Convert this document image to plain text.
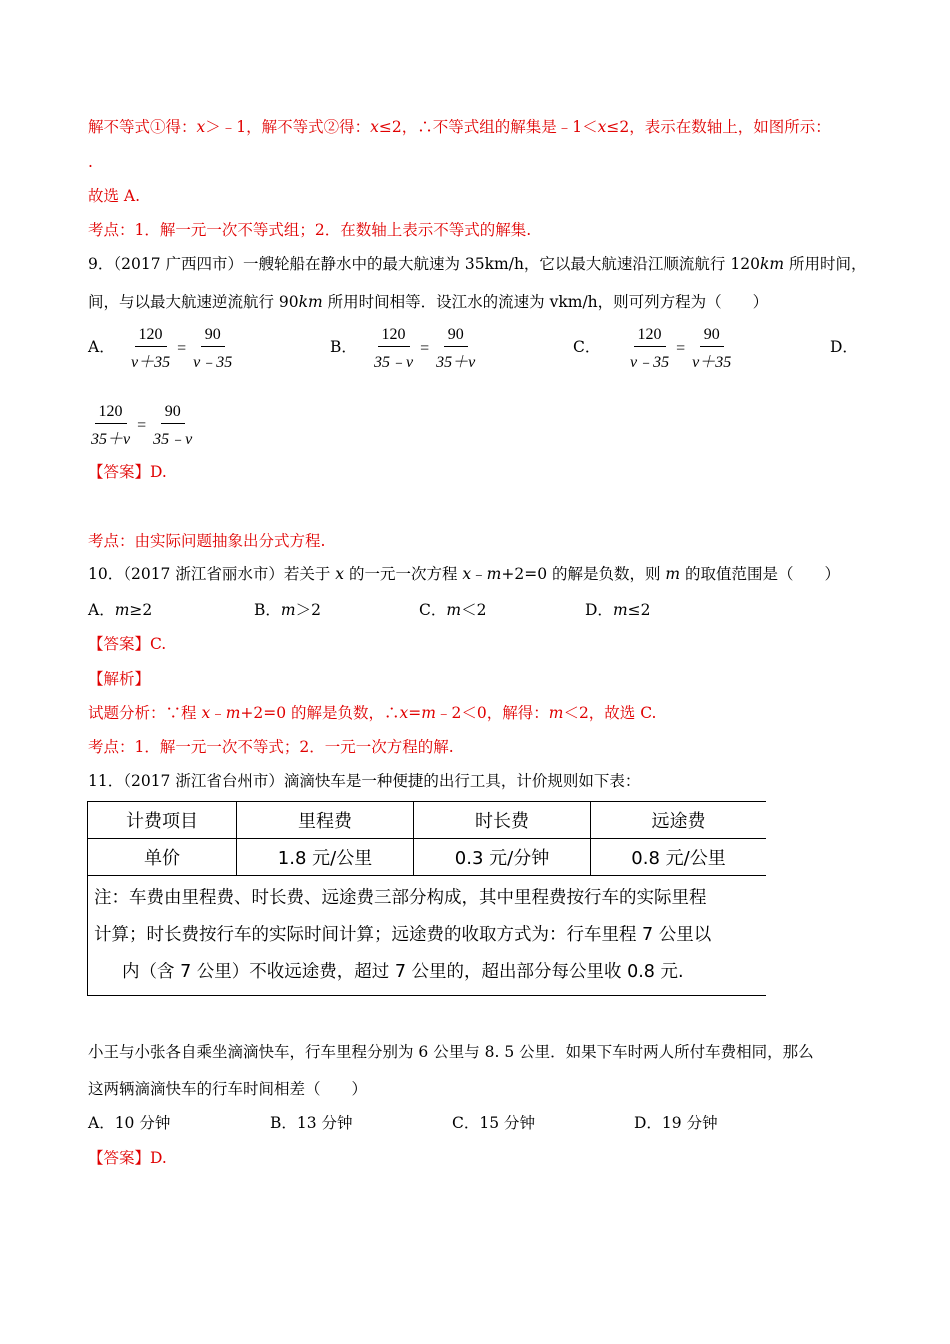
解不等式①得：x＞﹣1，解不等式②得：x≤2，∴不等式组的解集是﹣1＜x≤2，表示在数轴上，如图所示：
.
故选 A.
考点：1．解一元一次不等式组；2．在数轴上表示不等式的解集.
9．（2017 广西四市）一艘轮船在静水中的最大航速为 35km/h，它以最大航速沿江顺流航行 120km 所用时间，
间，与以最大航速逆流航行 90km 所用时间相等．设江水的流速为 vkm/h，则可列方程为（　　）
A． $\frac{120}{v+35} = \frac{90}{v﹣35}$	B． $\frac{120}{35﹣v} = \frac{90}{35+v}$	C． $\frac{120}{v﹣35} = \frac{90}{v+35}$	D．
$\frac{120}{35+v} = \frac{90}{35﹣v}$
【答案】D.
考点：由实际问题抽象出分式方程.
10．（2017 浙江省丽水市）若关于 x 的一元一次方程 x﹣m+2=0 的解是负数，则 m 的取值范围是（　　）
A．m≥2	B．m＞2	C．m＜2	D．m≤2
【答案】C.
【解析】
试题分析：∵程 x﹣m+2=0 的解是负数，∴x=m﹣2＜0，解得：m＜2，故选 C.
考点：1．解一元一次不等式；2．一元一次方程的解.
11．（2017 浙江省台州市）滴滴快车是一种便捷的出行工具，计价规则如下表：
计费项目	里程费	时长费	远途费
单价	1.8 元/公里	0.3 元/分钟	0.8 元/公里

注：车费由里程费、时长费、远途费三部分构成，其中里程费按行车的实际里程
计算；时长费按行车的实际时间计算；远途费的收取方式为：行车里程 7 公里以
内（含 7 公里）不收远途费，超过 7 公里的，超出部分每公里收 0.8 元.			
小王与小张各自乘坐滴滴快车，行车里程分别为 6 公里与 8. 5 公里．如果下车时两人所付车费相同，那么
这两辆滴滴快车的行车时间相差（　　）
A．10 分钟	B．13 分钟	C．15 分钟	D．19 分钟
【答案】D.
